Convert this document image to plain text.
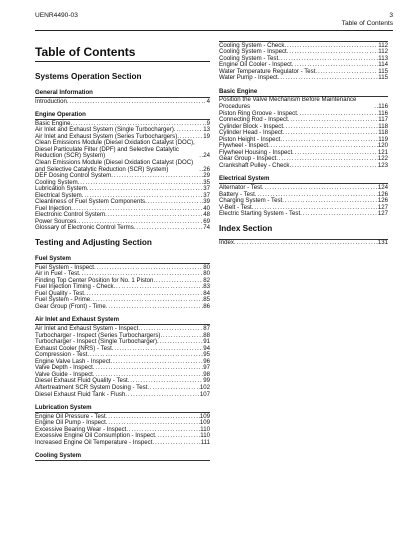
UENR4490-03	3
Table of Contents
Table of Contents
Systems Operation Section
General Information
Introduction . . .	4
Engine Operation
Basic Engine . . .	9
Air Inlet and Exhaust System (Single Turbocharger) . . .	13
Air Inlet and Exhaust System (Series Turbochargers) . . .	19
Clean Emissions Module (Diesel Oxidation Catalyst (DOC), Diesel Particulate Filter (DPF) and Selective Catalytic Reduction (SCR) System) . . .	24
Clean Emissions Module (Diesel Oxidation Catalyst (DOC) and Selective Catalytic Reduction (SCR) System) . . .	26
DEF Dosing Control System . . .	29
Cooling System . . .	35
Lubrication System . . .	37
Electrical System . . .	37
Cleanliness of Fuel System Components . . .	39
Fuel Injection . . .	40
Electronic Control System . . .	48
Power Sources . . .	69
Glossary of Electronic Control Terms . . .	74
Testing and Adjusting Section
Fuel System
Fuel System - Inspect . . .	80
Air in Fuel - Test . . .	80
Finding Top Center Position for No. 1 Piston . . .	82
Fuel Injection Timing - Check . . .	83
Fuel Quality - Test . . .	84
Fuel System - Prime . . .	85
Gear Group (Front) - Time . . .	86
Air Inlet and Exhaust System
Air Inlet and Exhaust System - Inspect . . .	87
Turbocharger - Inspect (Series Turbochargers) . . .	88
Turbocharger - Inspect (Single Turbocharger) . . .	91
Exhaust Cooler (NRS) - Test . . .	94
Compression - Test . . .	95
Engine Valve Lash - Inspect . . .	96
Valve Depth - Inspect . . .	97
Valve Guide - Inspect . . .	98
Diesel Exhaust Fluid Quality - Test . . .	99
Aftertreatment SCR System Dosing - Test . . .	102
Diesel Exhaust Fluid Tank - Flush . . .	107
Lubrication System
Engine Oil Pressure - Test . . .	109
Engine Oil Pump - Inspect . . .	109
Excessive Bearing Wear - Inspect . . .	110
Excessive Engine Oil Consumption - Inspect . . .	110
Increased Engine Oil Temperature - Inspect . . .	111
Cooling System
Cooling System - Check . . .	112
Cooling System - Inspect . . .	112
Cooling System - Test . . .	113
Engine Oil Cooler - Inspect . . .	114
Water Temperature Regulator - Test . . .	115
Water Pump - Inspect . . .	115
Basic Engine
Position the Valve Mechanism Before Maintenance Procedures . . .	116
Piston Ring Groove - Inspect . . .	116
Connecting Rod - Inspect . . .	117
Cylinder Block - Inspect . . .	118
Cylinder Head - Inspect . . .	118
Piston Height - Inspect . . .	119
Flywheel - Inspect . . .	120
Flywheel Housing - Inspect . . .	121
Gear Group - Inspect . . .	122
Crankshaft Pulley - Check . . .	123
Electrical System
Alternator - Test . . .	124
Battery - Test . . .	126
Charging System - Test . . .	126
V-Belt - Test . . .	127
Electric Starting System - Test . . .	127
Index Section
Index . . .	131
